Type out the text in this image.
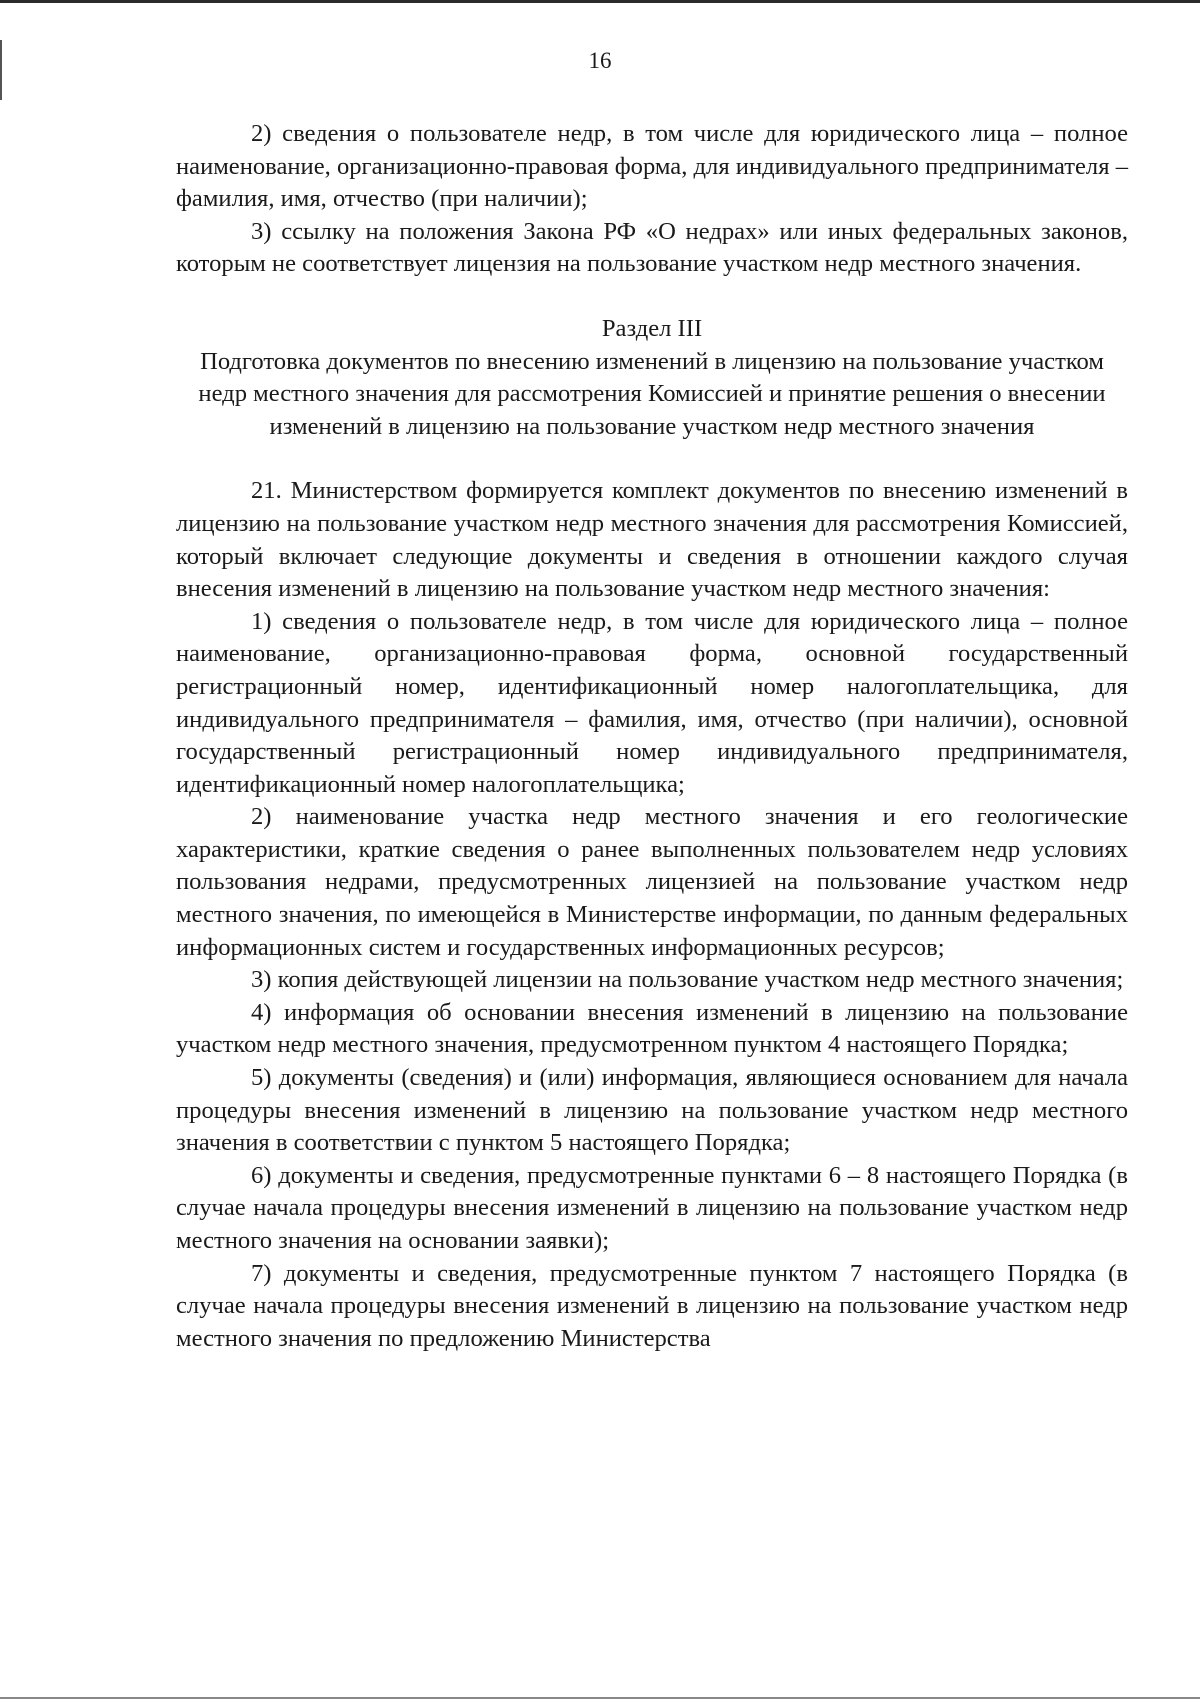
16

2) сведения о пользователе недр, в том числе для юридического лица – полное наименование, организационно-правовая форма, для индивидуального предпринимателя – фамилия, имя, отчество (при наличии);

3) ссылку на положения Закона РФ «О недрах» или иных федеральных законов, которым не соответствует лицензия на пользование участком недр местного значения.

Раздел III
Подготовка документов по внесению изменений в лицензию на пользование участком недр местного значения для рассмотрения Комиссией и принятие решения о внесении изменений в лицензию на пользование участком недр местного значения

21. Министерством формируется комплект документов по внесению изменений в лицензию на пользование участком недр местного значения для рассмотрения Комиссией, который включает следующие документы и сведения в отношении каждого случая внесения изменений в лицензию на пользование участком недр местного значения:

1) сведения о пользователе недр, в том числе для юридического лица – полное наименование, организационно-правовая форма, основной государственный регистрационный номер, идентификационный номер налогоплательщика, для индивидуального предпринимателя – фамилия, имя, отчество (при наличии), основной государственный регистрационный номер индивидуального предпринимателя, идентификационный номер налогоплательщика;

2) наименование участка недр местного значения и его геологические характеристики, краткие сведения о ранее выполненных пользователем недр условиях пользования недрами, предусмотренных лицензией на пользование участком недр местного значения, по имеющейся в Министерстве информации, по данным федеральных информационных систем и государственных информационных ресурсов;

3) копия действующей лицензии на пользование участком недр местного значения;

4) информация об основании внесения изменений в лицензию на пользование участком недр местного значения, предусмотренном пунктом 4 настоящего Порядка;

5) документы (сведения) и (или) информация, являющиеся основанием для начала процедуры внесения изменений в лицензию на пользование участком недр местного значения в соответствии с пунктом 5 настоящего Порядка;

6) документы и сведения, предусмотренные пунктами 6 – 8 настоящего Порядка (в случае начала процедуры внесения изменений в лицензию на пользование участком недр местного значения на основании заявки);

7) документы и сведения, предусмотренные пунктом 7 настоящего Порядка (в случае начала процедуры внесения изменений в лицензию на пользование участком недр местного значения по предложению Министерства
